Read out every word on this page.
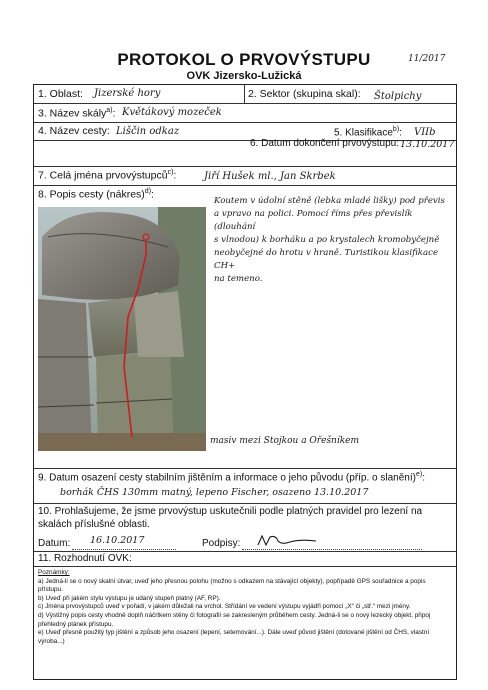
PROTOKOL O PRVOVÝSTUPU
OVK Jizersko-Lužická
11/2017
1. Oblast: Jizerské hory	2. Sektor (skupina skal): Štolpichy
3. Název skály$^{a)}$: Květákový mozeček
4. Název cesty: Liščin odkaz	5. Klasifikace$^{b)}$: VIIb
6. Datum dokončení prvovýstupu: 13.10.2017
7. Celá jména prvovýstupců$^{c)}$:	Jiří Hušek ml., Jan Skrbek
8. Popis cesty (nákres)$^{d)}$:
Koutem v údolní stěně (lebka mladé lišky) pod převis
a vpravo na polici. Pomocí říms přes převislík (dlouhání
s vlnodou) k borháku a po krystalech kromobyčejně
neobyčejné do hrotu v hraně. Turistikou klasifikace CH+
na temeno.
masiv mezi Stojkou a Ořešníkem
9. Datum osazení cesty stabilním jištěním a informace o jeho původu (příp. o slanění)$^{e)}$:
borhák ČHS 130mm matný, lepeno Fischer, osazeno 13.10.2017
10. Prohlašujeme, že jsme prvovýstup uskutečnili podle platných pravidel pro lezení na skalách příslušné oblasti.
Datum: 16.10.2017	Podpisy:
11. Rozhodnutí OVK:
Poznámky:
a) Jedná-li se o nový skalní útvar, uveď jeho přesnou polohu (možno s odkazem na stávající objekty), popřípadě GPS souřadnice a popis přístupu.
b) Uveď při jakém stylu výstupu je udaný stupeň platný (AF, RP).
c) Jména prvovýstupců uveď v pořadí, v jakém důležali na vrchol. Střídání ve vedení výstupu vyjádři pomocí „X“ či „stř.“ mezi jmény.
d) Výstižný popis cesty vhodně doplň náčrtkem stěny či fotografií se zakresleným průběhem cesty. Jedná-li se o nový lezecký objekt, připoj přehledný plánek přístupu.
e) Uveď přesně použitý typ jištění a způsob jeho osazení (lepení, setemování...). Dále uveď původ jištění (dotované jištění od ČHS, vlastní výroba...)
